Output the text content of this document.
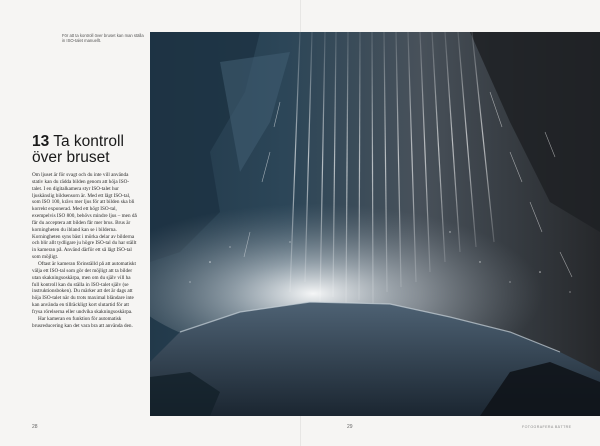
För att ta kontroll över bruset kan man ställa in ISO-talet manuellt.
13 Ta kontroll över bruset

Om ljuset är för svagt och du inte vill använda stativ kan du rädda bilden genom att höja ISO-talet. I en digitalkamera styr ISO-talet hur ljuskänslig bildsensorn är. Med ett lågt ISO-tal, som ISO 100, krävs mer ljus för att bilden ska bli korrekt exponerad. Med ett högt ISO-tal, exempelvis ISO 800, behövs mindre ljus – men då får du acceptera att bilden får mer brus. Brus är korningheten du ibland kan se i bilderna. Korningheten syns bäst i mörka delar av bilderna och blir allt tydligare ju högre ISO-tal du har ställt in kameran på. Använd därför ett så lågt ISO-tal som möjligt.

Oftast är kameran förinställd på att automatiskt välja ett ISO-tal som gör det möjligt att ta bilder utan skakningsoskärpa, men om du själv vill ha full kontroll kan du ställa in ISO-talet själv (se instruktionsboken). Du märker att det är dags att höja ISO-talet när du trots maximal bländare inte kan använda en tillräckligt kort slutartid för att frysa rörelserna eller undvika skakningsoskärpa.

Har kameran en funktion för automatisk brusreducering kan det vara bra att använda den.

28	29	FOTOGRAFERA BÄTTRE
